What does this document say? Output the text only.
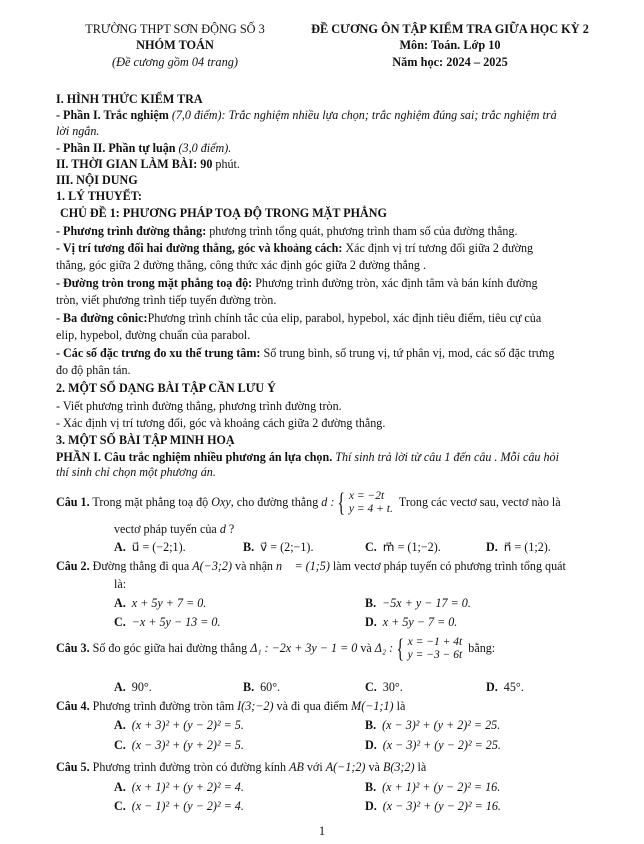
TRƯỜNG THPT SƠN ĐỘNG SỐ 3
NHÓM TOÁN
(Đề cương gồm 04 trang)
ĐỀ CƯƠNG ÔN TẬP KIỂM TRA GIỮA HỌC KỲ 2
Môn: Toán. Lớp 10
Năm học: 2024 – 2025
I. HÌNH THỨC KIỂM TRA
- Phần I. Trắc nghiệm (7,0 điểm): Trắc nghiệm nhiều lựa chọn; trắc nghiệm đúng sai; trắc nghiệm trả
lời ngắn.
- Phần II. Phần tự luận (3,0 điểm).
II. THỜI GIAN LÀM BÀI: 90 phút.
III. NỘI DUNG
1. LÝ THUYẾT:
CHỦ ĐỀ 1: PHƯƠNG PHÁP TOẠ ĐỘ TRONG MẶT PHẲNG
- Phương trình đường thẳng: phương trình tổng quát, phương trình tham số của đường thẳng.
- Vị trí tương đối hai đường thẳng, góc và khoảng cách: Xác định vị trí tương đối giữa 2 đường
thẳng, góc giữa 2 đường thẳng, công thức xác định góc giữa 2 đường thẳng .
- Đường tròn trong mặt phẳng toạ độ: Phương trình đường tròn, xác định tâm và bán kính đường
tròn, viết phương trình tiếp tuyến đường tròn.
- Ba đường cônic:Phương trình chính tắc của elip, parabol, hypebol, xác định tiêu điểm, tiêu cự của
elip, hypebol, đường chuẩn của parabol.
- Các số đặc trưng đo xu thế trung tâm: Số trung bình, số trung vị, tứ phân vị, mod, các số đặc trưng
đo độ phân tán.
2. MỘT SỐ DẠNG BÀI TẬP CẦN LƯU Ý
- Viết phương trình đường thẳng, phương trình đường tròn.
- Xác định vị trí tương đối, góc và khoảng cách giữa 2 đường thẳng.
3. MỘT SỐ BÀI TẬP MINH HOẠ
PHẦN I. Câu trắc nghiệm nhiều phương án lựa chọn. Thí sinh trả lời từ câu 1 đến câu . Mỗi câu hỏi
thí sinh chỉ chọn một phương án.
Câu 1. Trong mặt phẳng toạ độ Oxy, cho đường thẳng d : { x = −2t
y = 4 + t.  Trong các vectơ sau, vectơ nào là
vectơ pháp tuyến của d ?
A. u⃗ = (−2;1).	B. v⃗ = (2;−1).	C. m⃗ = (1;−2).	D. n⃗ = (1;2).
Câu 2. Đường thẳng đi qua A(−3;2) và nhận n⃗ = (1;5) làm vectơ pháp tuyến có phương trình tổng quát
là:
A. x + 5y + 7 = 0.	B. −5x + y − 17 = 0.
C. −x + 5y − 13 = 0.	D. x + 5y − 7 = 0.
Câu 3. Số đo góc giữa hai đường thẳng Δ₁ : −2x + 3y − 1 = 0 và Δ₂ : { x = −1 + 4t
y = −3 − 6t  bằng:
A. 90°.	B. 60°.	C. 30°.	D. 45°.
Câu 4. Phương trình đường tròn tâm I(3;−2) và đi qua điểm M(−1;1) là
A. (x + 3)² + (y − 2)² = 5.	B. (x − 3)² + (y + 2)² = 25.
C. (x − 3)² + (y + 2)² = 5.	D. (x − 3)² + (y − 2)² = 25.
Câu 5. Phương trình đường tròn có đường kính AB với A(−1;2) và B(3;2) là
A. (x + 1)² + (y + 2)² = 4.	B. (x + 1)² + (y − 2)² = 16.
C. (x − 1)² + (y − 2)² = 4.	D. (x − 3)² + (y − 2)² = 16.
1
